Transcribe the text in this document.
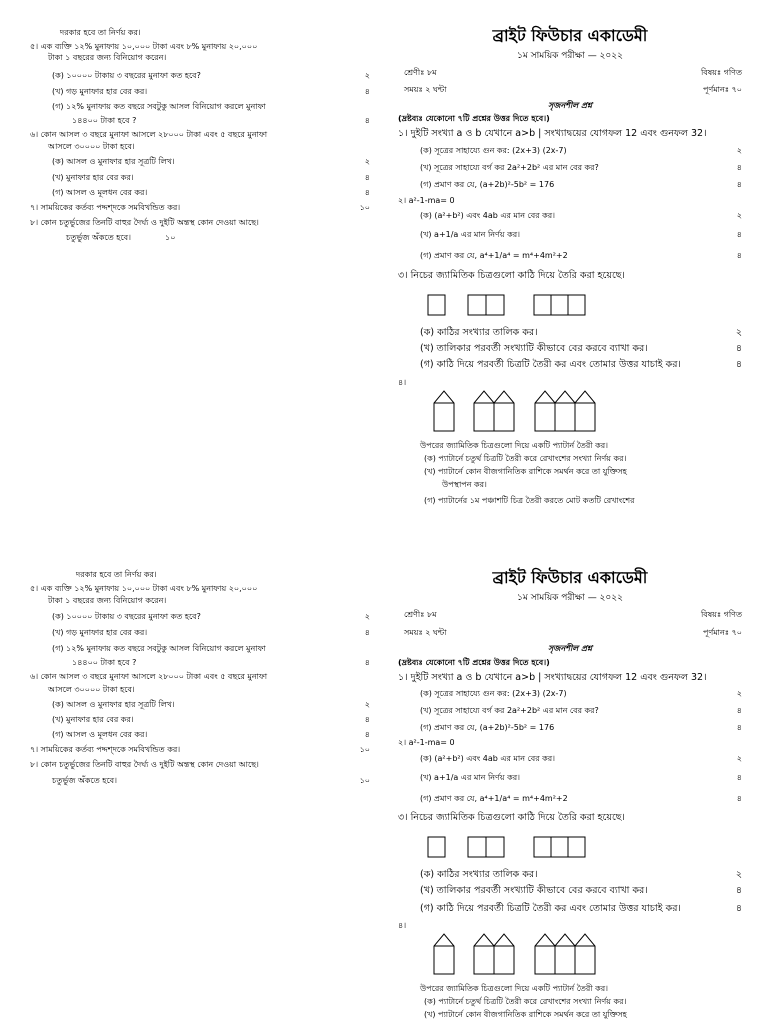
দরকার হবে তা নির্ণয় কর।
৫। এক ব্যক্তি ১২% মুনাফায় ১০,০০০ টাকা এবং ৮% মুনাফায় ২০,০০০
টাকা ১ বছরের জন্য বিনিয়োগ করেন।
(ক) ১০০০০ টাকায় ৩ বছরের মুনাফা কত হবে?	২
(খ) গড় মুনাফার হার বের কর।	৪
(গ) ১২% মুনাফায় কত বছরে সবটুকু আসল বিনিয়োগ করলে মুনাফা
১৪৪০০ টাকা হবে ?	৪
৬। কোন আসল ৩ বছরে মুনাফা আসলে ২৮০০০ টাকা এবং ৫ বছরে মুনাফা
আসলে ৩০০০০ টাকা হবে।
(ক) আসল ও মুনাফার হার সূত্রটি লিখ।	২
(খ) মুনাফার হার বের কর।	৪
(গ) আসল ও মূলধন বের কর।	৪
৭। সাময়িকের কর্তব্য পদ্দশ্দকে সমবিখন্ডিত কর।	১০
৮। কোন চতুর্ভুজের তিনটি বাহুর দৈর্ঘ্য ও দুইটি অন্তস্থ কোন দেওয়া আছে।
চতুর্ভুজ অঁকতে হবে।	১০
ব্রাইট ফিউচার একাডেমী
১ম সাময়িক পরীক্ষা — ২০২২
শ্রেণীঃ ৮ম	বিষয়ঃ গণিত
সময়ঃ ২ ঘন্টা	পূর্ণমানঃ ৭০
সৃজনশীল প্রশ্ন
(দ্রষ্টব্যঃ যেকোনো ৭টি প্রশ্নের উত্তর দিতে হবে।)
১। দুইটি সংখ্যা a ও b যেখানে a>b | সংখ্যাদ্বয়ের যোগফল 12 এবং গুনফল 32।
(ক) সূত্রের সাহায্যে গুন কর: (2x+3) (2x-7)	২
(খ) সূত্রের সাহায্যে বর্গ কর 2a²+2b² এর মান বের কর?	৪
(গ) প্রমাণ কর যে, (a+2b)²-5b² = 176	৪
২। a²-1-ma= 0
(ক) (a²+b²) এবং 4ab এর মান বের কর।	২
(খ) a+1/a এর মান নির্ণয় কর।	৪
(গ) প্রমাণ কর যে, a⁴+1/a⁴ = m⁴+4m²+2	৪
৩। নিচের জ্যামিতিক চিত্রগুলো কাঠি দিয়ে তৈরি করা হয়েছে।
(ক) কাঠির সংখ্যার তালিক কর।	২
(খ) তালিকার পরবর্তী সংখ্যাটি কীভাবে বের করবে ব্যাখা কর।	৪
(গ) কাঠি দিয়ে পরবর্তী চিত্রটি তৈরী কর এবং তোমার উত্তর যাচাই কর।	৪
৪।
উপরের জ্যামিতিক চিত্রগুলো দিয়ে একটি প্যাটার্ন তৈরী কর।
(ক) প্যাটার্নে চতুর্থ চিত্রটি তৈরী করে রেখাংশের সংখ্যা নির্ণয় কর।
(খ) প্যাটার্নে কোন বীজগানিতিক রাশিকে সমর্থন করে তা যুক্তিসহ
উপস্থাপন কর।
(গ) প্যাটার্নের ১ম পঞ্চাশটি চিত্র তৈরী করতে মোট কতটি রেখাংশের
দরকার হবে তা নির্ণয় কর।
৫। এক ব্যক্তি ১২% মুনাফায় ১০,০০০ টাকা এবং ৮% মুনাফায় ২০,০০০
টাকা ১ বছরের জন্য বিনিয়োগ করেন।
(ক) ১০০০০ টাকায় ৩ বছরের মুনাফা কত হবে?	২
(খ) গড় মুনাফার হার বের কর।	৪
(গ) ১২% মুনাফায় কত বছরে সবটুকু আসল বিনিয়োগ করলে মুনাফা
১৪৪০০ টাকা হবে ?	৪
৬। কোন আসল ৩ বছরে মুনাফা আসলে ২৮০০০ টাকা এবং ৫ বছরে মুনাফা
আসলে ৩০০০০ টাকা হবে।
(ক) আসল ও মুনাফার হার সূত্রটি লিখ।	২
(খ) মুনাফার হার বের কর।	৪
(গ) আসল ও মূলধন বের কর।	৪
৭। সাময়িকের কর্তব্য পদ্দশ্দকে সমবিখন্ডিত কর।	১০
৮। কোন চতুর্ভুজের তিনটি বাহুর দৈর্ঘ্য ও দুইটি অন্তস্থ কোন দেওয়া আছে।
চতুর্ভুজ অঁকতে হবে।	১০
ব্রাইট ফিউচার একাডেমী
১ম সাময়িক পরীক্ষা — ২০২২
শ্রেণীঃ ৮ম	বিষয়ঃ গণিত
সময়ঃ ২ ঘন্টা	পূর্ণমানঃ ৭০
সৃজনশীল প্রশ্ন
(দ্রষ্টব্যঃ যেকোনো ৭টি প্রশ্নের উত্তর দিতে হবে।)
১। দুইটি সংখ্যা a ও b যেখানে a>b | সংখ্যাদ্বয়ের যোগফল 12 এবং গুনফল 32।
(ক) সূত্রের সাহায্যে গুন কর: (2x+3) (2x-7)	২
(খ) সূত্রের সাহায্যে বর্গ কর 2a²+2b² এর মান বের কর?	৪
(গ) প্রমাণ কর যে, (a+2b)²-5b² = 176	৪
২। a²-1-ma= 0
(ক) (a²+b²) এবং 4ab এর মান বের কর।	২
(খ) a+1/a এর মান নির্ণয় কর।	৪
(গ) প্রমাণ কর যে, a⁴+1/a⁴ = m⁴+4m²+2	৪
৩। নিচের জ্যামিতিক চিত্রগুলো কাঠি দিয়ে তৈরি করা হয়েছে।
(ক) কাঠির সংখ্যার তালিক কর।	২
(খ) তালিকার পরবর্তী সংখ্যাটি কীভাবে বের করবে ব্যাখা কর।	৪
(গ) কাঠি দিয়ে পরবর্তী চিত্রটি তৈরী কর এবং তোমার উত্তর যাচাই কর।	৪
৪।
উপরের জ্যামিতিক চিত্রগুলো দিয়ে একটি প্যাটার্ন তৈরী কর।
(ক) প্যাটার্নে চতুর্থ চিত্রটি তৈরী করে রেখাংশের সংখ্যা নির্ণয় কর।
(খ) প্যাটার্নে কোন বীজগানিতিক রাশিকে সমর্থন করে তা যুক্তিসহ
